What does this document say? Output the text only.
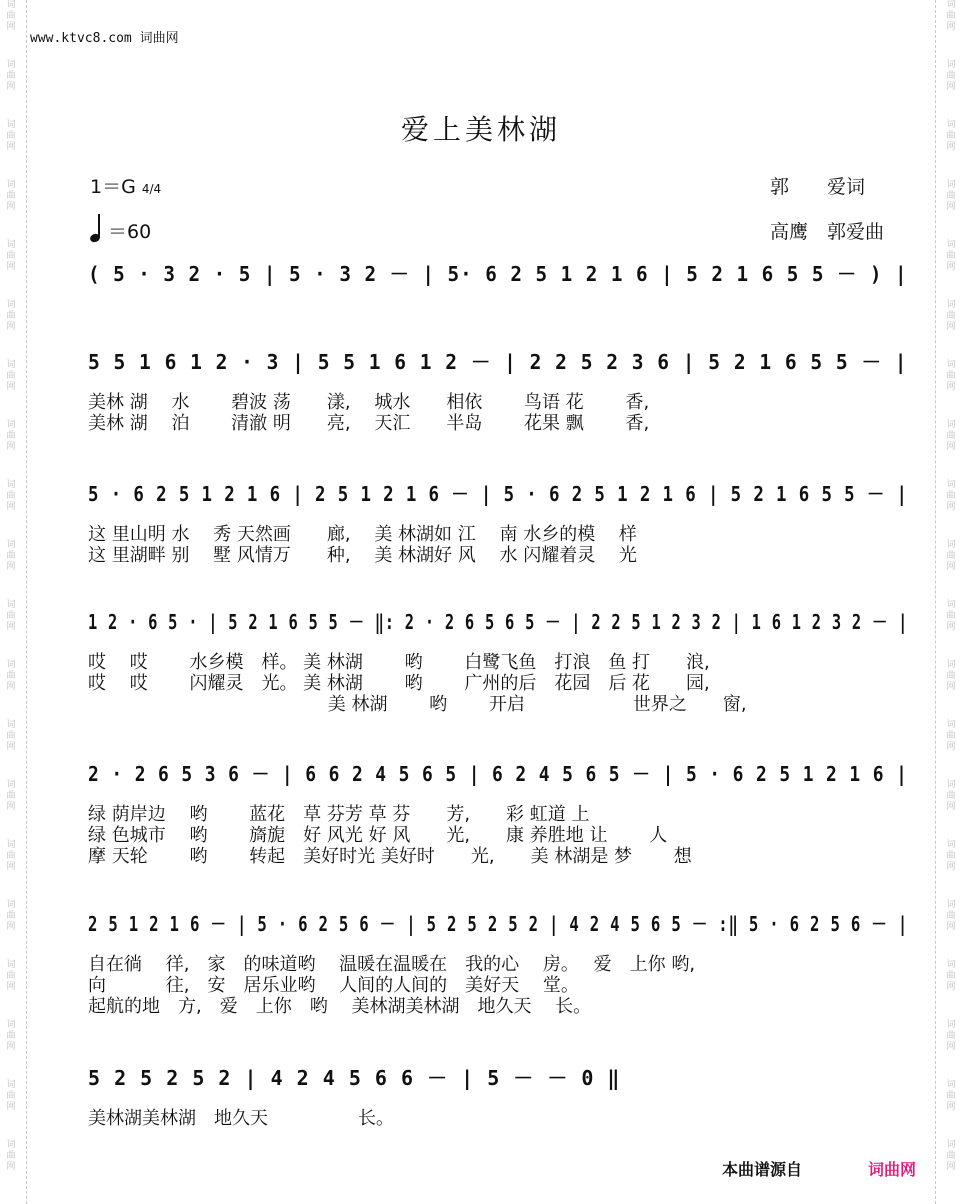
词曲网
词曲网
词曲网
词曲网
词曲网
词曲网
词曲网
词曲网
词曲网
词曲网
词曲网
词曲网
词曲网
词曲网
词曲网
词曲网
词曲网
词曲网
词曲网
词曲网
词曲网
词曲网
词曲网
词曲网
词曲网
词曲网
词曲网
词曲网
词曲网
词曲网
词曲网
词曲网
词曲网
词曲网
词曲网
词曲网
词曲网
词曲网
词曲网
词曲网
www.ktvc8.com 词曲网
爱上美林湖
1＝G 4/4
＝60
郭　　爱词
高鹰　郭爱曲
( 5 · 3 2 · 5 | 5 · 3 2 － | 5· 6 2 5 1 2 1 6 | 5 2 1 6 5 5 － ) |
5 5 1 6 1 2 · 3 | 5 5 1 6 1 2 － | 2 2 5 2 3 6 | 5 2 1 6 5 5 － |
美林 湖　 水　　 碧波 荡　　漾,　 城水　　相依　　 鸟语 花　　 香,
美林 湖　 泊　　 清澈 明　　亮,　 天汇　　半岛　　 花果 飘　　 香,
5 · 6 2 5 1 2 1 6 | 2 5 1 2 1 6 － | 5 · 6 2 5 1 2 1 6 | 5 2 1 6 5 5 － |
这 里山明 水　 秀 天然画　　廊,　 美 林湖如 江　 南 水乡的模　 样
这 里湖畔 别　 墅 风情万　　种,　 美 林湖好 风　 水 闪耀着灵　 光
1 2 · 6 5 · | 5 2 1 6 5 5 － ‖: 2 · 2 6 5 6 5 － | 2 2 5 1 2 3 2 | 1 6 1 2 3 2 － |
哎　 哎　　 水乡模　样。 美 林湖　　 哟　　 白鹭飞鱼　打浪　鱼 打　　浪,
哎　 哎　　 闪耀灵　光。 美 林湖　　 哟　　 广州的后　花园　后 花　　园,
　　　　　　　　　　　　　 美 林湖　　 哟　　 开启　　　　　　世界之　　窗,
2 · 2 6 5 3 6 － | 6 6 2 4 5 6 5 | 6 2 4 5 6 5 － | 5 · 6 2 5 1 2 1 6 |
绿 荫岸边　 哟　　 蓝花　草 芬芳 草 芬　　芳,　　彩 虹道 上
绿 色城市　 哟　　 旖旎　好 风光 好 风　　光,　　康 养胜地 让　　 人
摩 天轮　　 哟　　 转起　美好时光 美好时　　光,　　美 林湖是 梦　　 想
2 5 1 2 1 6 － | 5 · 6 2 5 6 － | 5 2 5 2 5 2 | 4 2 4 5 6 5 － :‖ 5 · 6 2 5 6 － |
自在徜　 徉,　家　的味道哟　 温暖在温暖在　我的心　 房。　 爱　上你 哟,
向　　　 往,　安　居乐业哟　 人间的人间的　美好天　 堂。
起航的地　方,　爱　上你　哟　 美林湖美林湖　地久天　 长。
5 2 5 2 5 2 | 4 2 4 5 6 6 － | 5 － － 0 ‖
美林湖美林湖　地久天　　　　　长。
本曲谱源自	词曲网
